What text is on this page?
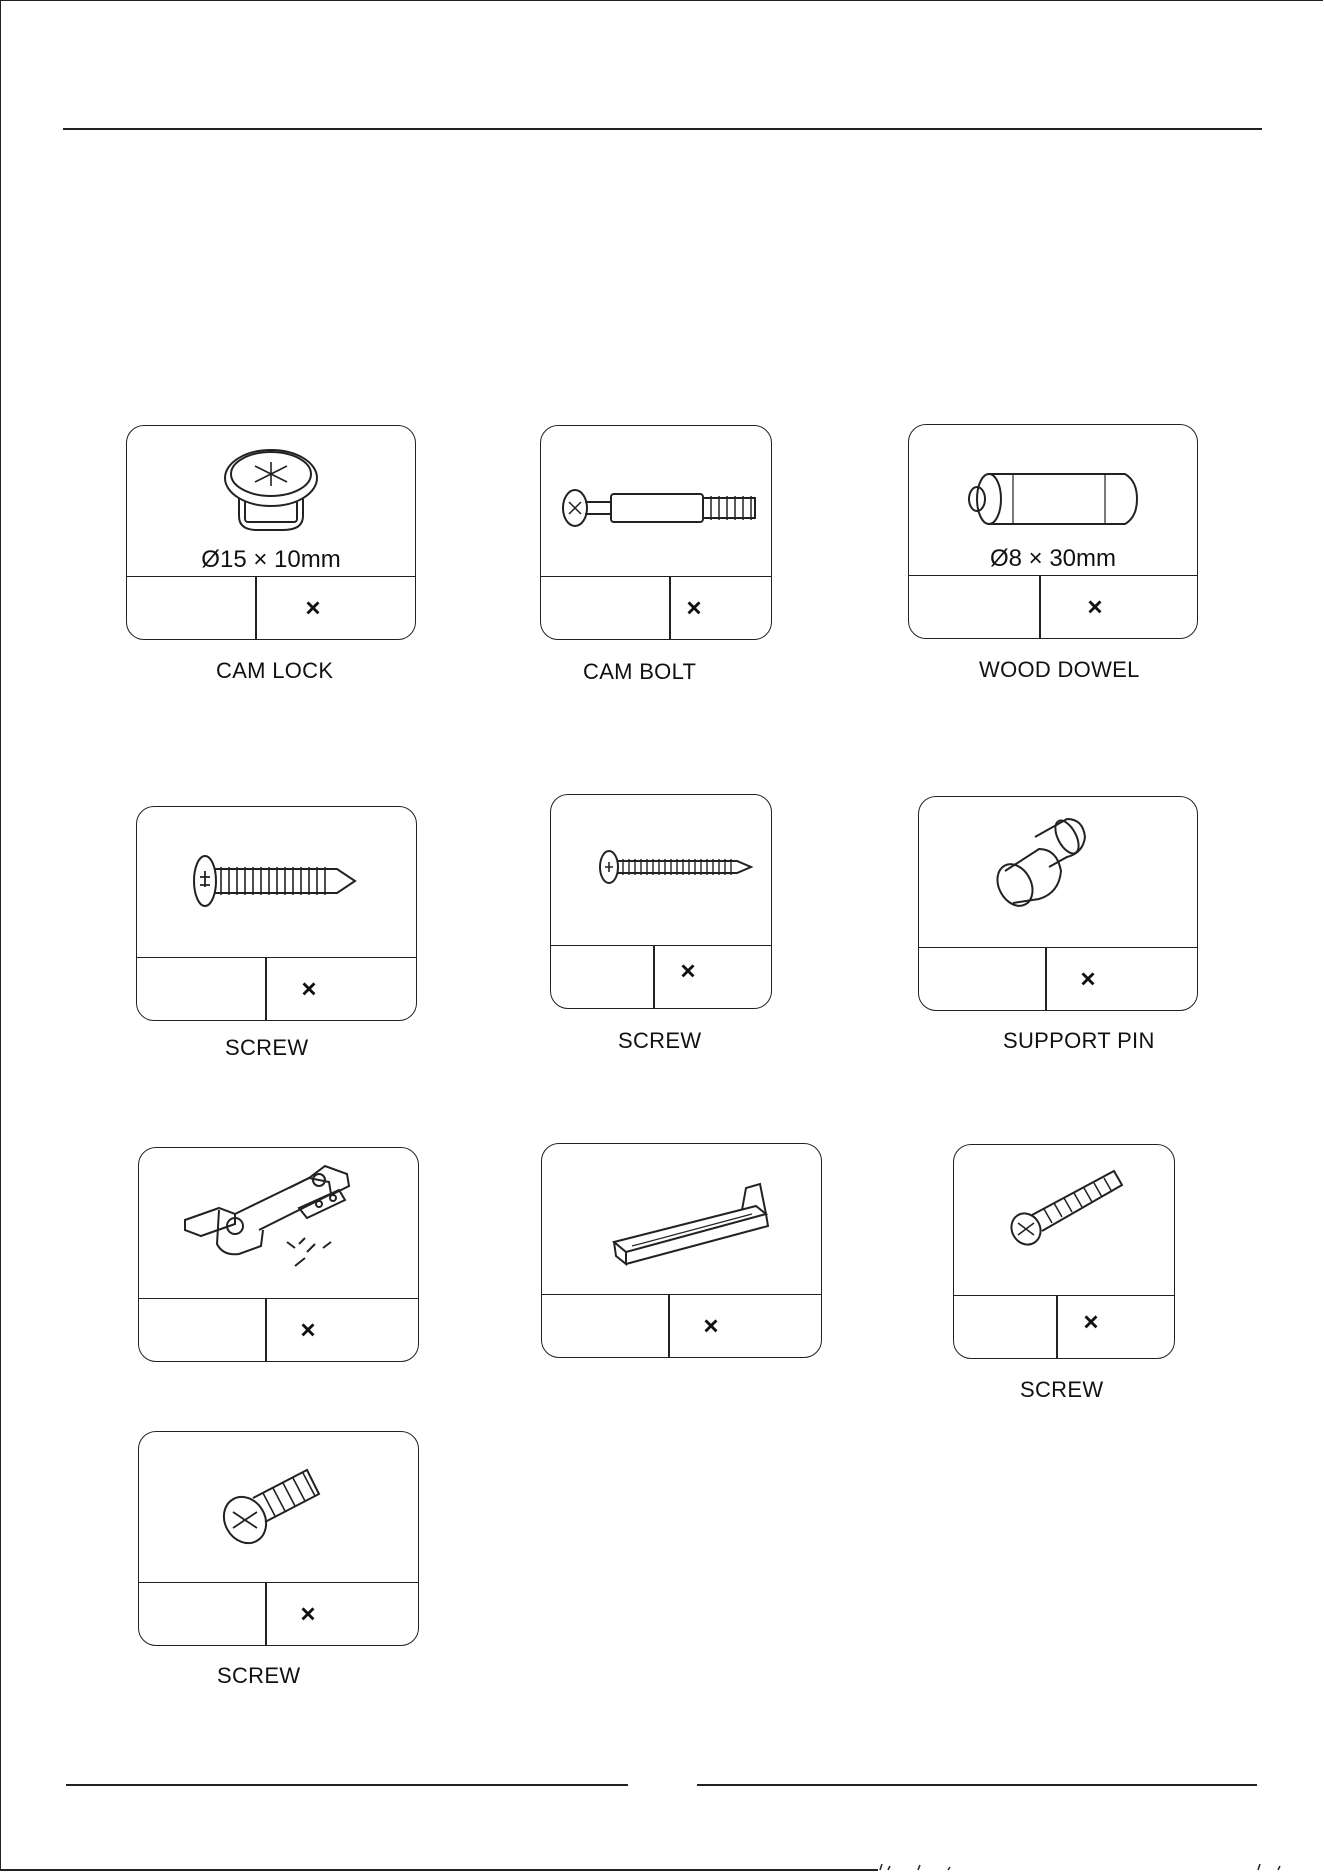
Ø15 × 10mm
×
CAM LOCK
×
CAM BOLT
Ø8 × 30mm
×
WOOD DOWEL
×
SCREW
×
SCREW
×
SUPPORT PIN
×	×	×
SCREW
×
SCREW
